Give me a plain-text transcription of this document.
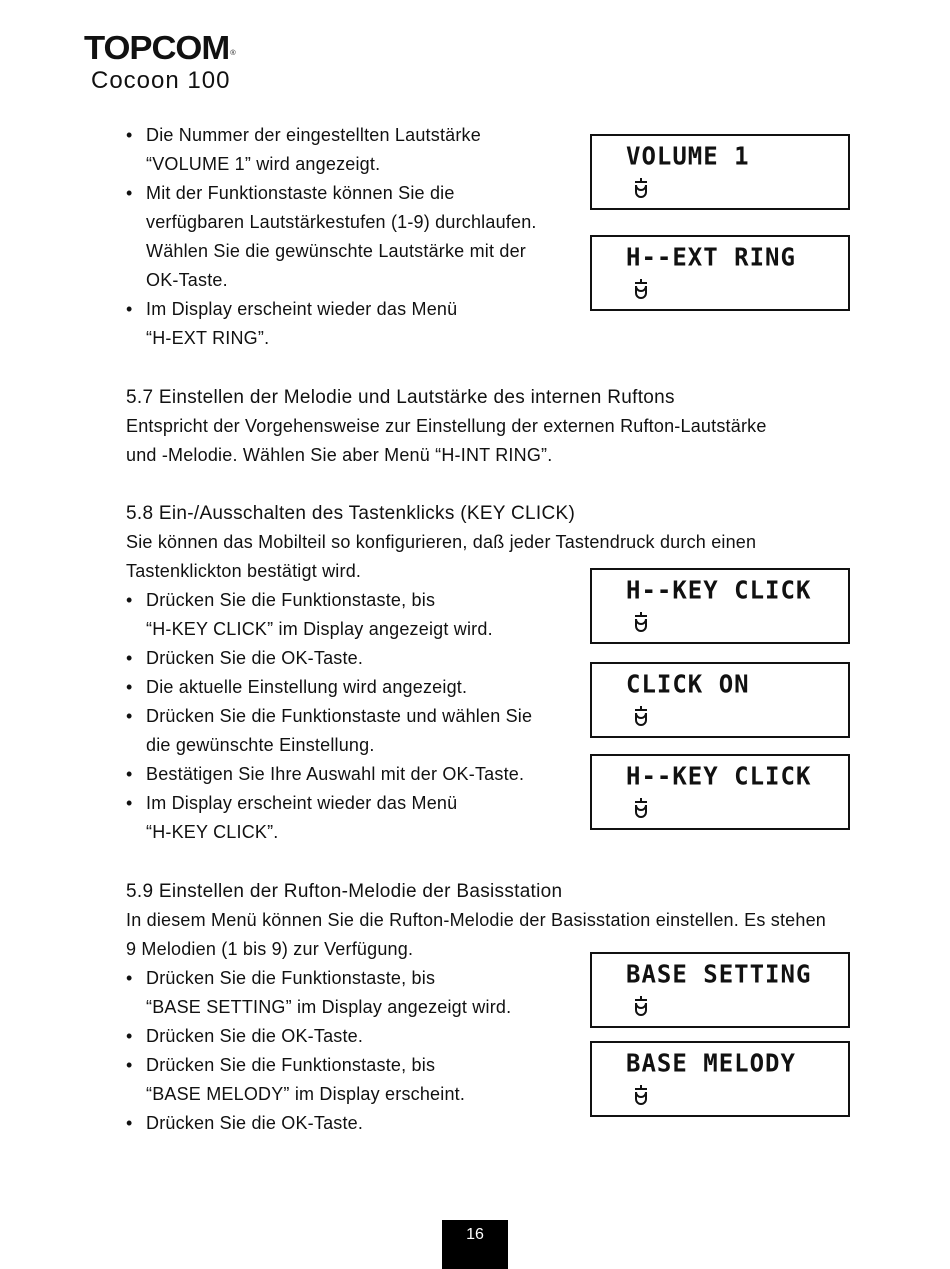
TOPCOM®
Cocoon 100
• Die Nummer der eingestellten Lautstärke
“VOLUME 1” wird angezeigt.
• Mit der Funktionstaste können Sie die
verfügbaren Lautstärkestufen (1-9) durchlaufen.
Wählen Sie die gewünschte Lautstärke mit der
OK-Taste.
• Im Display erscheint wieder das Menü
“H-EXT RING”.
VOLUME 1
H--EXT RING
5.7 Einstellen der Melodie und Lautstärke des internen Ruftons
Entspricht der Vorgehensweise zur Einstellung der externen Rufton-Lautstärke
und -Melodie. Wählen Sie aber Menü “H-INT RING”.
5.8 Ein-/Ausschalten des Tastenklicks (KEY CLICK)
Sie können das Mobilteil so konfigurieren, daß jeder Tastendruck durch einen
Tastenklickton bestätigt wird.
• Drücken Sie die Funktionstaste, bis
“H-KEY CLICK” im Display angezeigt wird.
• Drücken Sie die OK-Taste.
• Die aktuelle Einstellung wird angezeigt.
• Drücken Sie die Funktionstaste und wählen Sie
die gewünschte Einstellung.
• Bestätigen Sie Ihre Auswahl mit der OK-Taste.
• Im Display erscheint wieder das Menü
“H-KEY CLICK”.
H--KEY CLICK
CLICK ON
H--KEY CLICK
5.9 Einstellen der Rufton-Melodie der Basisstation
In diesem Menü können Sie die Rufton-Melodie der Basisstation einstellen. Es stehen
9 Melodien (1 bis 9) zur Verfügung.
• Drücken Sie die Funktionstaste, bis
“BASE SETTING” im Display angezeigt wird.
• Drücken Sie die OK-Taste.
• Drücken Sie die Funktionstaste, bis
“BASE MELODY” im Display erscheint.
• Drücken Sie die OK-Taste.
BASE SETTING
BASE MELODY
16
